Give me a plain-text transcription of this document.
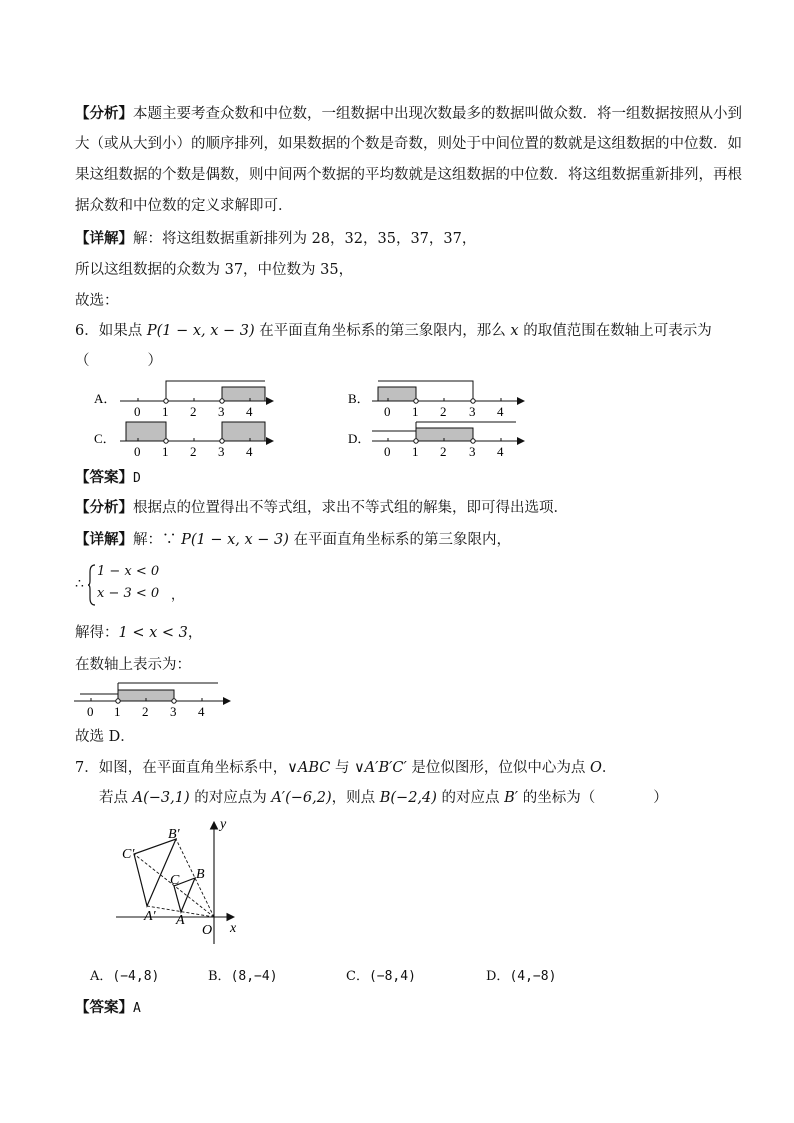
【分析】本题主要考查众数和中位数，一组数据中出现次数最多的数据叫做众数．将一组数据按照从小到
大（或从大到小）的顺序排列，如果数据的个数是奇数，则处于中间位置的数就是这组数据的中位数．如
果这组数据的个数是偶数，则中间两个数据的平均数就是这组数据的中位数．将这组数据重新排列，再根
据众数和中位数的定义求解即可．
【详解】解：将这组数据重新排列为 28，32，35，37，37，
所以这组数据的众数为 37，中位数为 35，
故选：
6．如果点 P(1 − x, x − 3) 在平面直角坐标系的第三象限内，那么 x 的取值范围在数轴上可表示为
（　　　　）
A．
0 1 2 3 4
B．
0 1 2 3 4
C．
0 1 2 3 4
D．
0 1 2 3 4
【答案】D
【分析】根据点的位置得出不等式组，求出不等式组的解集，即可得出选项．
【详解】解：∵ P(1 − x, x − 3) 在平面直角坐标系的第三象限内，
∴
1 − x < 0
x − 3 < 0 ，
解得：1 < x < 3，
在数轴上表示为：
0 1 2 3 4
故选 D．
7．如图，在平面直角坐标系中，∨ABC 与 ∨A′B′C′ 是位似图形，位似中心为点 O．
若点 A(−3,1) 的对应点为 A′(−6,2)，则点 B(−2,4) 的对应点 B′ 的坐标为（　　　　）
y
x
O
A
B
C
A′
B′
C′
A．(−4,8)	B．(8,−4)	C．(−8,4)	D．(4,−8)
【答案】A
